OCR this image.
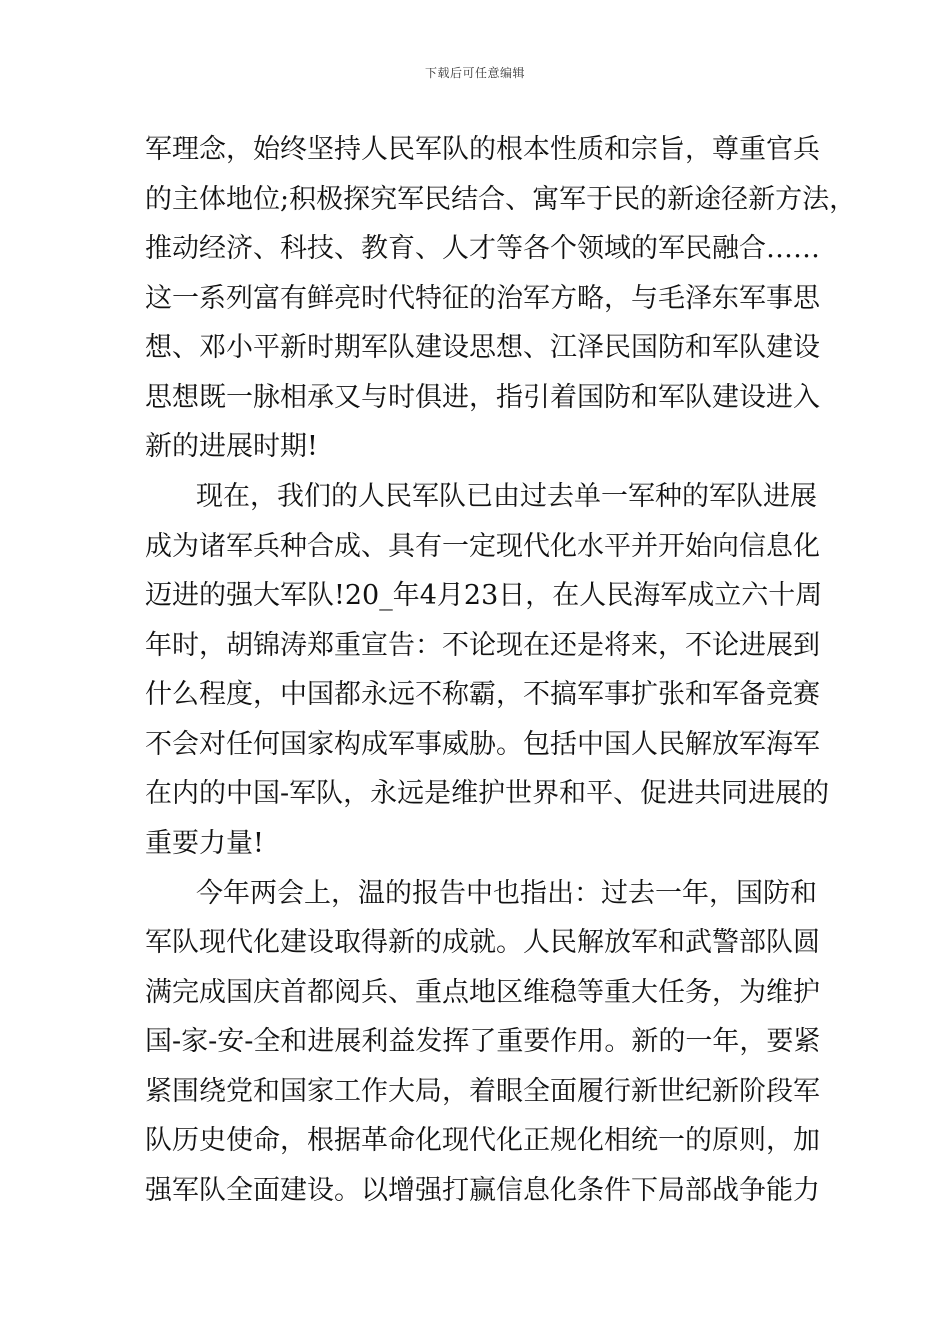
下载后可任意编辑
军理念，始终坚持人民军队的根本性质和宗旨，尊重官兵
的主体地位;积极探究军民结合、寓军于民的新途径新方法，
推动经济、科技、教育、人才等各个领域的军民融合……
这一系列富有鲜亮时代特征的治军方略，与毛泽东军事思
想、邓小平新时期军队建设思想、江泽民国防和军队建设
思想既一脉相承又与时俱进，指引着国防和军队建设进入
新的进展时期!
现在，我们的人民军队已由过去单一军种的军队进展
成为诸军兵种合成、具有一定现代化水平并开始向信息化
迈进的强大军队!20_年4月23日，在人民海军成立六十周
年时，胡锦涛郑重宣告：不论现在还是将来，不论进展到
什么程度，中国都永远不称霸，不搞军事扩张和军备竞赛
不会对任何国家构成军事威胁。包括中国人民解放军海军
在内的中国-军队，永远是维护世界和平、促进共同进展的
重要力量!
今年两会上，温的报告中也指出：过去一年，国防和
军队现代化建设取得新的成就。人民解放军和武警部队圆
满完成国庆首都阅兵、重点地区维稳等重大任务，为维护
国-家-安-全和进展利益发挥了重要作用。新的一年，要紧
紧围绕党和国家工作大局，着眼全面履行新世纪新阶段军
队历史使命，根据革命化现代化正规化相统一的原则，加
强军队全面建设。以增强打赢信息化条件下局部战争能力
